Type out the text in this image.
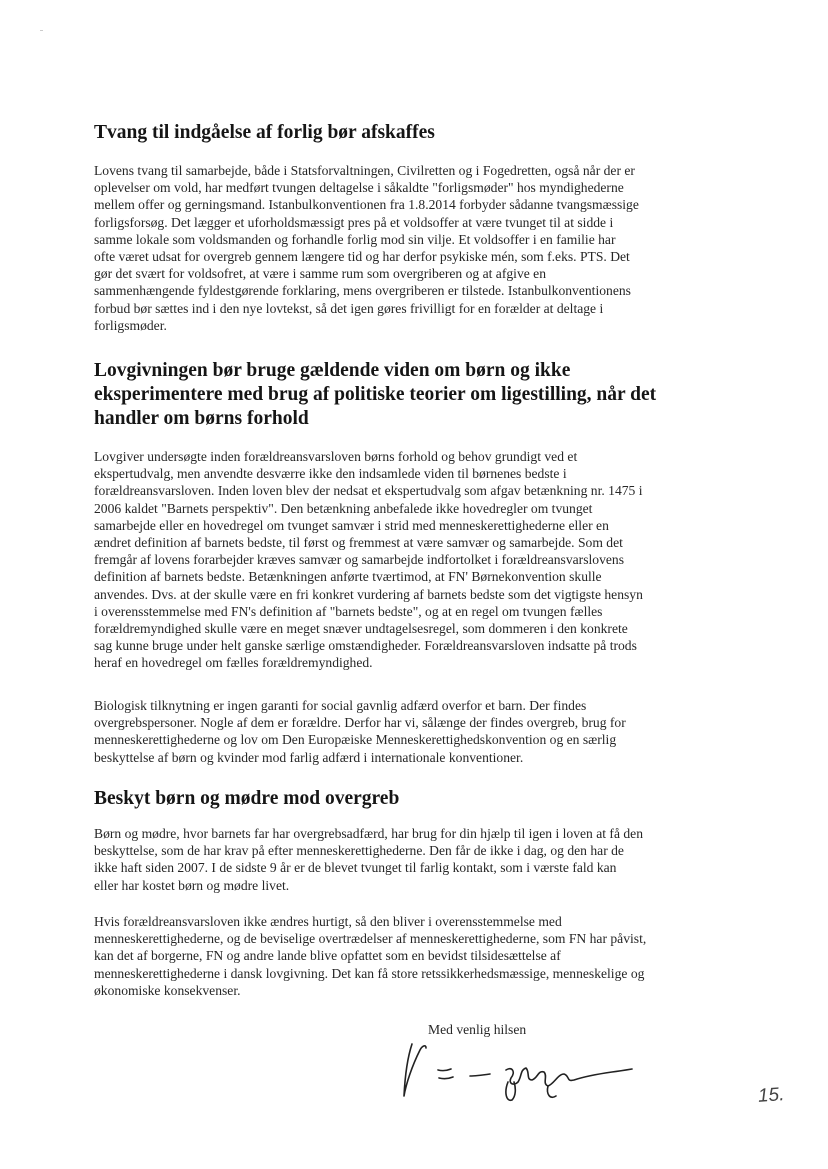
Tvang til indgåelse af forlig bør afskaffes

Lovens tvang til samarbejde, både i Statsforvaltningen, Civilretten og i Fogedretten, også når der er
oplevelser om vold, har medført tvungen deltagelse i såkaldte "forligsmøder" hos myndighederne
mellem offer og gerningsmand. Istanbulkonventionen fra 1.8.2014 forbyder sådanne tvangsmæssige
forligsforsøg. Det lægger et uforholdsmæssigt pres på et voldsoffer at være tvunget til at sidde i
samme lokale som voldsmanden og forhandle forlig mod sin vilje. Et voldsoffer i en familie har
ofte været udsat for overgreb gennem længere tid og har derfor psykiske mén, som f.eks. PTS. Det
gør det svært for voldsofret, at være i samme rum som overgriberen og at afgive en
sammenhængende fyldestgørende forklaring, mens overgriberen er tilstede. Istanbulkonventionens
forbud bør sættes ind i den nye lovtekst, så det igen gøres frivilligt for en forælder at deltage i
forligsmøder.

Lovgivningen bør bruge gældende viden om børn og ikke
eksperimentere med brug af politiske teorier om ligestilling, når det
handler om børns forhold

Lovgiver undersøgte inden forældreansvarsloven børns forhold og behov grundigt ved et
ekspertudvalg, men anvendte desværre ikke den indsamlede viden til børnenes bedste i
forældreansvarsloven. Inden loven blev der nedsat et ekspertudvalg som afgav betænkning nr. 1475 i
2006 kaldet "Barnets perspektiv". Den betænkning anbefalede ikke hovedregler om tvunget
samarbejde eller en hovedregel om tvunget samvær i strid med menneskerettighederne eller en
ændret definition af barnets bedste, til først og fremmest at være samvær og samarbejde. Som det
fremgår af lovens forarbejder kræves samvær og samarbejde indfortolket i forældreansvarslovens
definition af barnets bedste. Betænkningen anførte tværtimod, at FN' Børnekonvention skulle
anvendes. Dvs. at der skulle være en fri konkret vurdering af barnets bedste som det vigtigste hensyn
i overensstemmelse med FN's definition af "barnets bedste", og at en regel om tvungen fælles
forældremyndighed skulle være en meget snæver undtagelsesregel, som dommeren i den konkrete
sag kunne bruge under helt ganske særlige omstændigheder. Forældreansvarsloven indsatte på trods
heraf en hovedregel om fælles forældremyndighed.

Biologisk tilknytning er ingen garanti for social gavnlig adfærd overfor et barn. Der findes
overgrebspersoner. Nogle af dem er forældre. Derfor har vi, sålænge der findes overgreb, brug for
menneskerettighederne og lov om Den Europæiske Menneskerettighedskonvention og en særlig
beskyttelse af børn og kvinder mod farlig adfærd i internationale konventioner.

Beskyt børn og mødre mod overgreb

Børn og mødre, hvor barnets far har overgrebsadfærd, har brug for din hjælp til igen i loven at få den
beskyttelse, som de har krav på efter menneskerettighederne. Den får de ikke i dag, og den har de
ikke haft siden 2007. I de sidste 9 år er de blevet tvunget til farlig kontakt, som i værste fald kan
eller har kostet børn og mødre livet.

Hvis forældreansvarsloven ikke ændres hurtigt, så den bliver i overensstemmelse med
menneskerettighederne, og de beviselige overtrædelser af menneskerettighederne, som FN har påvist,
kan det af borgerne, FN og andre lande blive opfattet som en bevidst tilsidesættelse af
menneskerettighederne i dansk lovgivning. Det kan få store retssikkerhedsmæssige, menneskelige og
økonomiske konsekvenser.

Med venlig hilsen

15.
